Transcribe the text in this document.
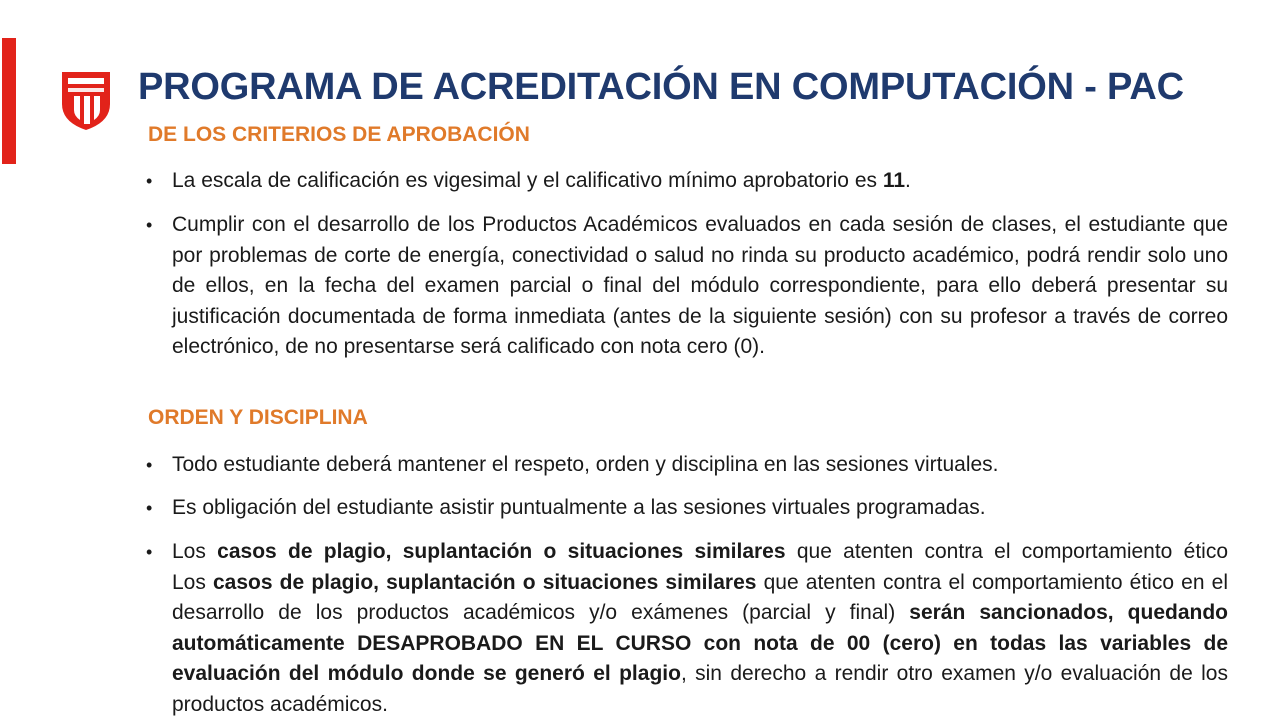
PROGRAMA DE ACREDITACIÓN EN COMPUTACIÓN - PAC
DE LOS CRITERIOS DE APROBACIÓN
• La escala de calificación es vigesimal y el calificativo mínimo aprobatorio es 11.
• Cumplir con el desarrollo de los Productos Académicos evaluados en cada sesión de clases, el estudiante que por problemas de corte de energía, conectividad o salud no rinda su producto académico, podrá rendir solo uno de ellos, en la fecha del examen parcial o final del módulo correspondiente, para ello deberá presentar su justificación documentada de forma inmediata (antes de la siguiente sesión) con su profesor a través de correo electrónico, de no presentarse será calificado con nota cero (0).
ORDEN Y DISCIPLINA
• Todo estudiante deberá mantener el respeto, orden y disciplina en las sesiones virtuales.
• Es obligación del estudiante asistir puntualmente a las sesiones virtuales programadas.
• Los casos de plagio, suplantación o situaciones similares que atenten contra el comportamiento ético
Los casos de plagio, suplantación o situaciones similares que atenten contra el comportamiento ético en el desarrollo de los productos académicos y/o exámenes (parcial y final) serán sancionados, quedando automáticamente DESAPROBADO EN EL CURSO con nota de 00 (cero) en todas las variables de evaluación del módulo donde se generó el plagio, sin derecho a rendir otro examen y/o evaluación de los productos académicos.
